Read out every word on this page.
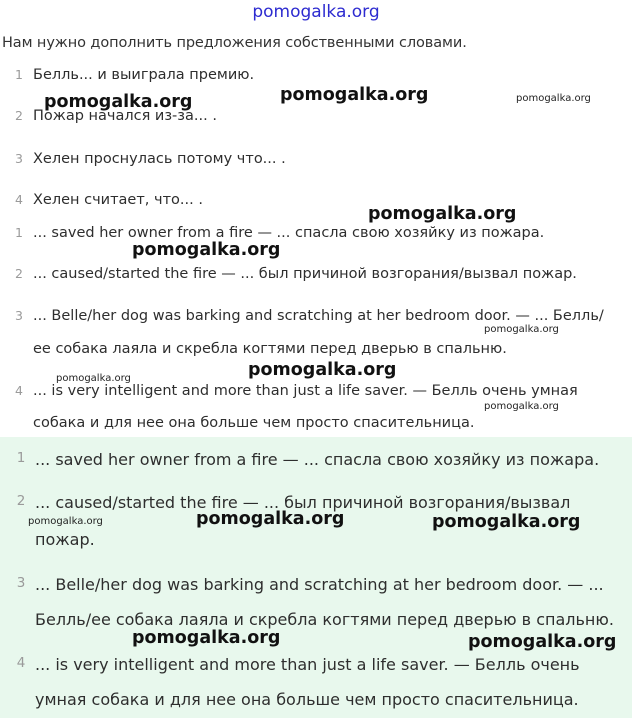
pomogalka.org
Нам нужно дополнить предложения собственными словами.
1 Белль... и выиграла премию.
2 Пожар начался из-за... .
3 Хелен проснулась потому что... .
4 Хелен считает, что... .
1 ... saved her owner from a fire — ... спасла свою хозяйку из пожара.
2 ... caused/started the fire — ... был причиной возгорания/вызвал пожар.
3 ... Belle/her dog was barking and scratching at her bedroom door. — ... Белль/
ее собака лаяла и скребла когтями перед дверью в спальню.
4 ... is very intelligent and more than just a life saver. — Белль очень умная
собака и для нее она больше чем просто спасительница.
1 ... saved her owner from a fire — ... спасла свою хозяйку из пожара.
2 ... caused/started the fire — ... был причиной возгорания/вызвал
пожар.
3 ... Belle/her dog was barking and scratching at her bedroom door. — ...
Белль/ее собака лаяла и скребла когтями перед дверью в спальню.
4 ... is very intelligent and more than just a life saver. — Белль очень
умная собака и для нее она больше чем просто спасительница.
pomogalka.org	pomogalka.org	pomogalka.org
pomogalka.org
pomogalka.org
pomogalka.org
pomogalka.org
pomogalka.org
pomogalka.org
pomogalka.org	pomogalka.org	pomogalka.org
pomogalka.org	pomogalka.org
